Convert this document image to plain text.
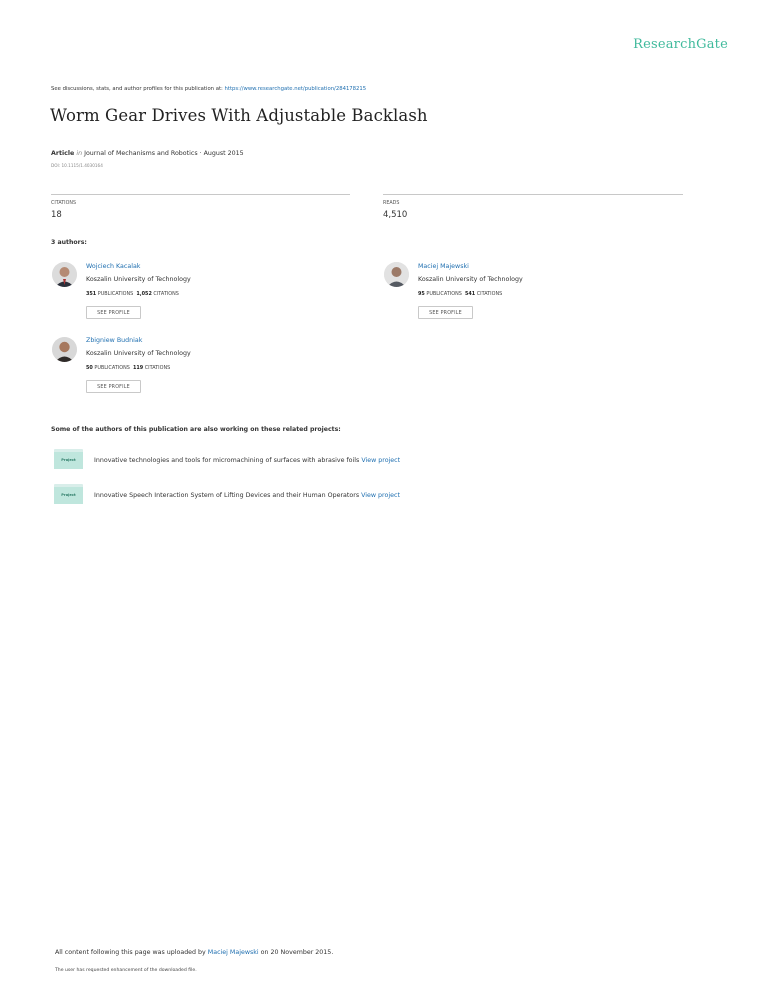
ResearchGate
See discussions, stats, and author profiles for this publication at: https://www.researchgate.net/publication/284178215
Worm Gear Drives With Adjustable Backlash
Article in Journal of Mechanisms and Robotics · August 2015
DOI: 10.1115/1.4030164
CITATIONS
18
READS
4,510
3 authors:
Wojciech Kacalak
Koszalin University of Technology
351 PUBLICATIONS 1,052 CITATIONS
SEE PROFILE
Maciej Majewski
Koszalin University of Technology
95 PUBLICATIONS 541 CITATIONS
SEE PROFILE
Zbigniew Budniak
Koszalin University of Technology
50 PUBLICATIONS 119 CITATIONS
SEE PROFILE
Some of the authors of this publication are also working on these related projects:
Project	Innovative technologies and tools for micromachining of surfaces with abrasive foils View project
Project	Innovative Speech Interaction System of Lifting Devices and their Human Operators View project
All content following this page was uploaded by Maciej Majewski on 20 November 2015.
The user has requested enhancement of the downloaded file.
